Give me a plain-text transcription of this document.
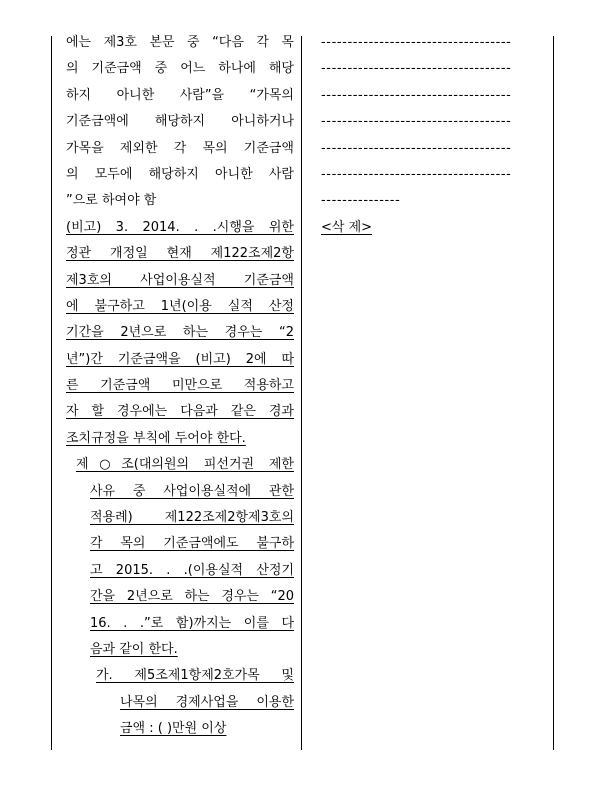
에는 제3호 본문 중 “다음 각 목
의 기준금액 중 어느 하나에 해당
하지 아니한 사람”을 “가목의
기준금액에 해당하지 아니하거나
가목을 제외한 각 목의 기준금액
의 모두에 해당하지 아니한 사람
”으로 하여야 함
(비고) 3. 2014. . .시행을 위한
정관 개정일 현재 제122조제2항
제3호의 사업이용실적 기준금액
에 불구하고 1년(이용 실적 산정
기간을 2년으로 하는 경우는 “2
년”)간 기준금액을 (비고) 2에 따
른 기준금액 미만으로 적용하고
자 할 경우에는 다음과 같은 경과
조치규정을 부칙에 두어야 한다.
제○조(대의원의 피선거권 제한
사유 중 사업이용실적에 관한
적용례) 제122조제2항제3호의
각 목의 기준금액에도 불구하
고 2015. . .(이용실적 산정기
간을 2년으로 하는 경우는 “20
16. . .”로 함)까지는 이를 다
음과 같이 한다.
가. 제5조제1항제2호가목 및
나목의 경제사업을 이용한
금액 : ( )만원 이상
------------------------------------
------------------------------------
------------------------------------
------------------------------------
------------------------------------
------------------------------------
---------------
<삭 제>
